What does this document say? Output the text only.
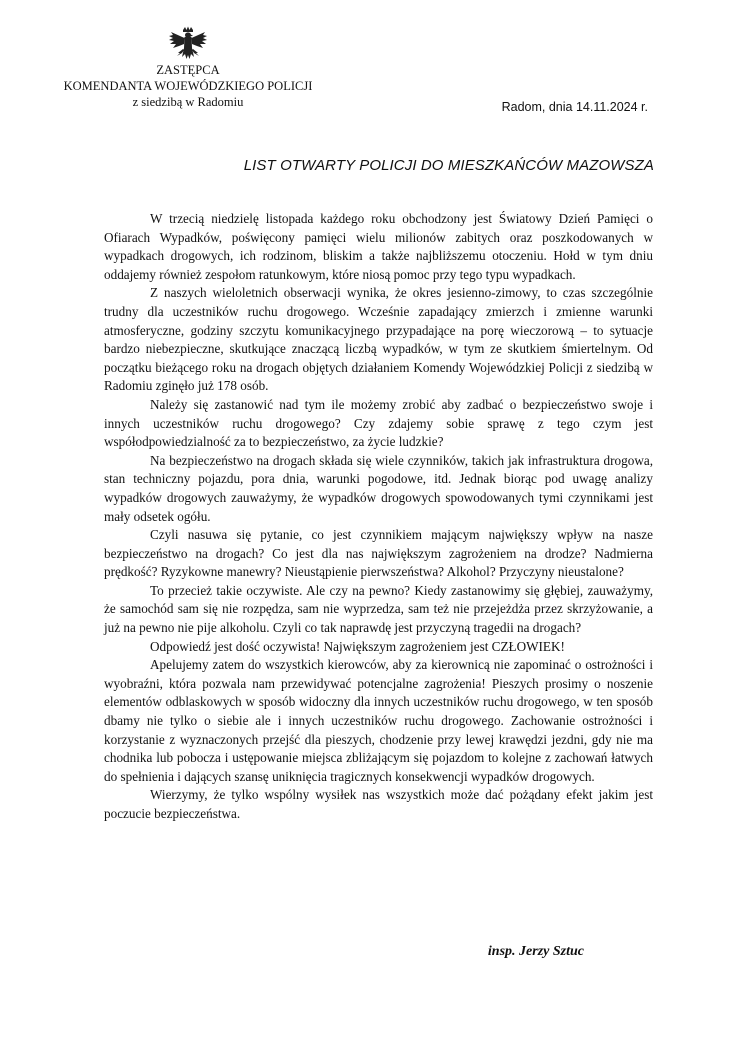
ZASTĘPCA
KOMENDANTA WOJEWÓDZKIEGO POLICJI
z siedzibą w Radomiu	Radom, dnia 14.11.2024 r.
LIST OTWARTY POLICJI DO MIESZKAŃCÓW MAZOWSZA

W trzecią niedzielę listopada każdego roku obchodzony jest Światowy Dzień Pamięci o Ofiarach Wypadków, poświęcony pamięci wielu milionów zabitych oraz poszkodowanych w wypadkach drogowych, ich rodzinom, bliskim a także najbliższemu otoczeniu. Hołd w tym dniu oddajemy również zespołom ratunkowym, które niosą pomoc przy tego typu wypadkach.

Z naszych wieloletnich obserwacji wynika, że okres jesienno-zimowy, to czas szczególnie trudny dla uczestników ruchu drogowego. Wcześnie zapadający zmierzch i zmienne warunki atmosferyczne, godziny szczytu komunikacyjnego przypadające na porę wieczorową – to sytuacje bardzo niebezpieczne, skutkujące znaczącą liczbą wypadków, w tym ze skutkiem śmiertelnym. Od początku bieżącego roku na drogach objętych działaniem Komendy Wojewódzkiej Policji z siedzibą w Radomiu zginęło już 178 osób.

Należy się zastanowić nad tym ile możemy zrobić aby zadbać o bezpieczeństwo swoje i innych uczestników ruchu drogowego? Czy zdajemy sobie sprawę z tego czym jest współodpowiedzialność za to bezpieczeństwo, za życie ludzkie?

Na bezpieczeństwo na drogach składa się wiele czynników, takich jak infrastruktura drogowa, stan techniczny pojazdu, pora dnia, warunki pogodowe, itd. Jednak biorąc pod uwagę analizy wypadków drogowych zauważymy, że wypadków drogowych spowodowanych tymi czynnikami jest mały odsetek ogółu.

Czyli nasuwa się pytanie, co jest czynnikiem mającym największy wpływ na nasze bezpieczeństwo na drogach? Co jest dla nas największym zagrożeniem na drodze? Nadmierna prędkość? Ryzykowne manewry? Nieustąpienie pierwszeństwa? Alkohol? Przyczyny nieustalone?

To przecież takie oczywiste. Ale czy na pewno? Kiedy zastanowimy się głębiej, zauważymy, że samochód sam się nie rozpędza, sam nie wyprzedza, sam też nie przejeżdża przez skrzyżowanie, a już na pewno nie pije alkoholu. Czyli co tak naprawdę jest przyczyną tragedii na drogach?

Odpowiedź jest dość oczywista! Największym zagrożeniem jest CZŁOWIEK!

Apelujemy zatem do wszystkich kierowców, aby za kierownicą nie zapominać o ostrożności i wyobraźni, która pozwala nam przewidywać potencjalne zagrożenia! Pieszych prosimy o noszenie elementów odblaskowych w sposób widoczny dla innych uczestników ruchu drogowego, w ten sposób dbamy nie tylko o siebie ale i innych uczestników ruchu drogowego. Zachowanie ostrożności i korzystanie z wyznaczonych przejść dla pieszych, chodzenie przy lewej krawędzi jezdni, gdy nie ma chodnika lub pobocza i ustępowanie miejsca zbliżającym się pojazdom to kolejne z zachowań łatwych do spełnienia i dających szansę uniknięcia tragicznych konsekwencji wypadków drogowych.

Wierzymy, że tylko wspólny wysiłek nas wszystkich może dać pożądany efekt jakim jest poczucie bezpieczeństwa.

insp. Jerzy Sztuc
